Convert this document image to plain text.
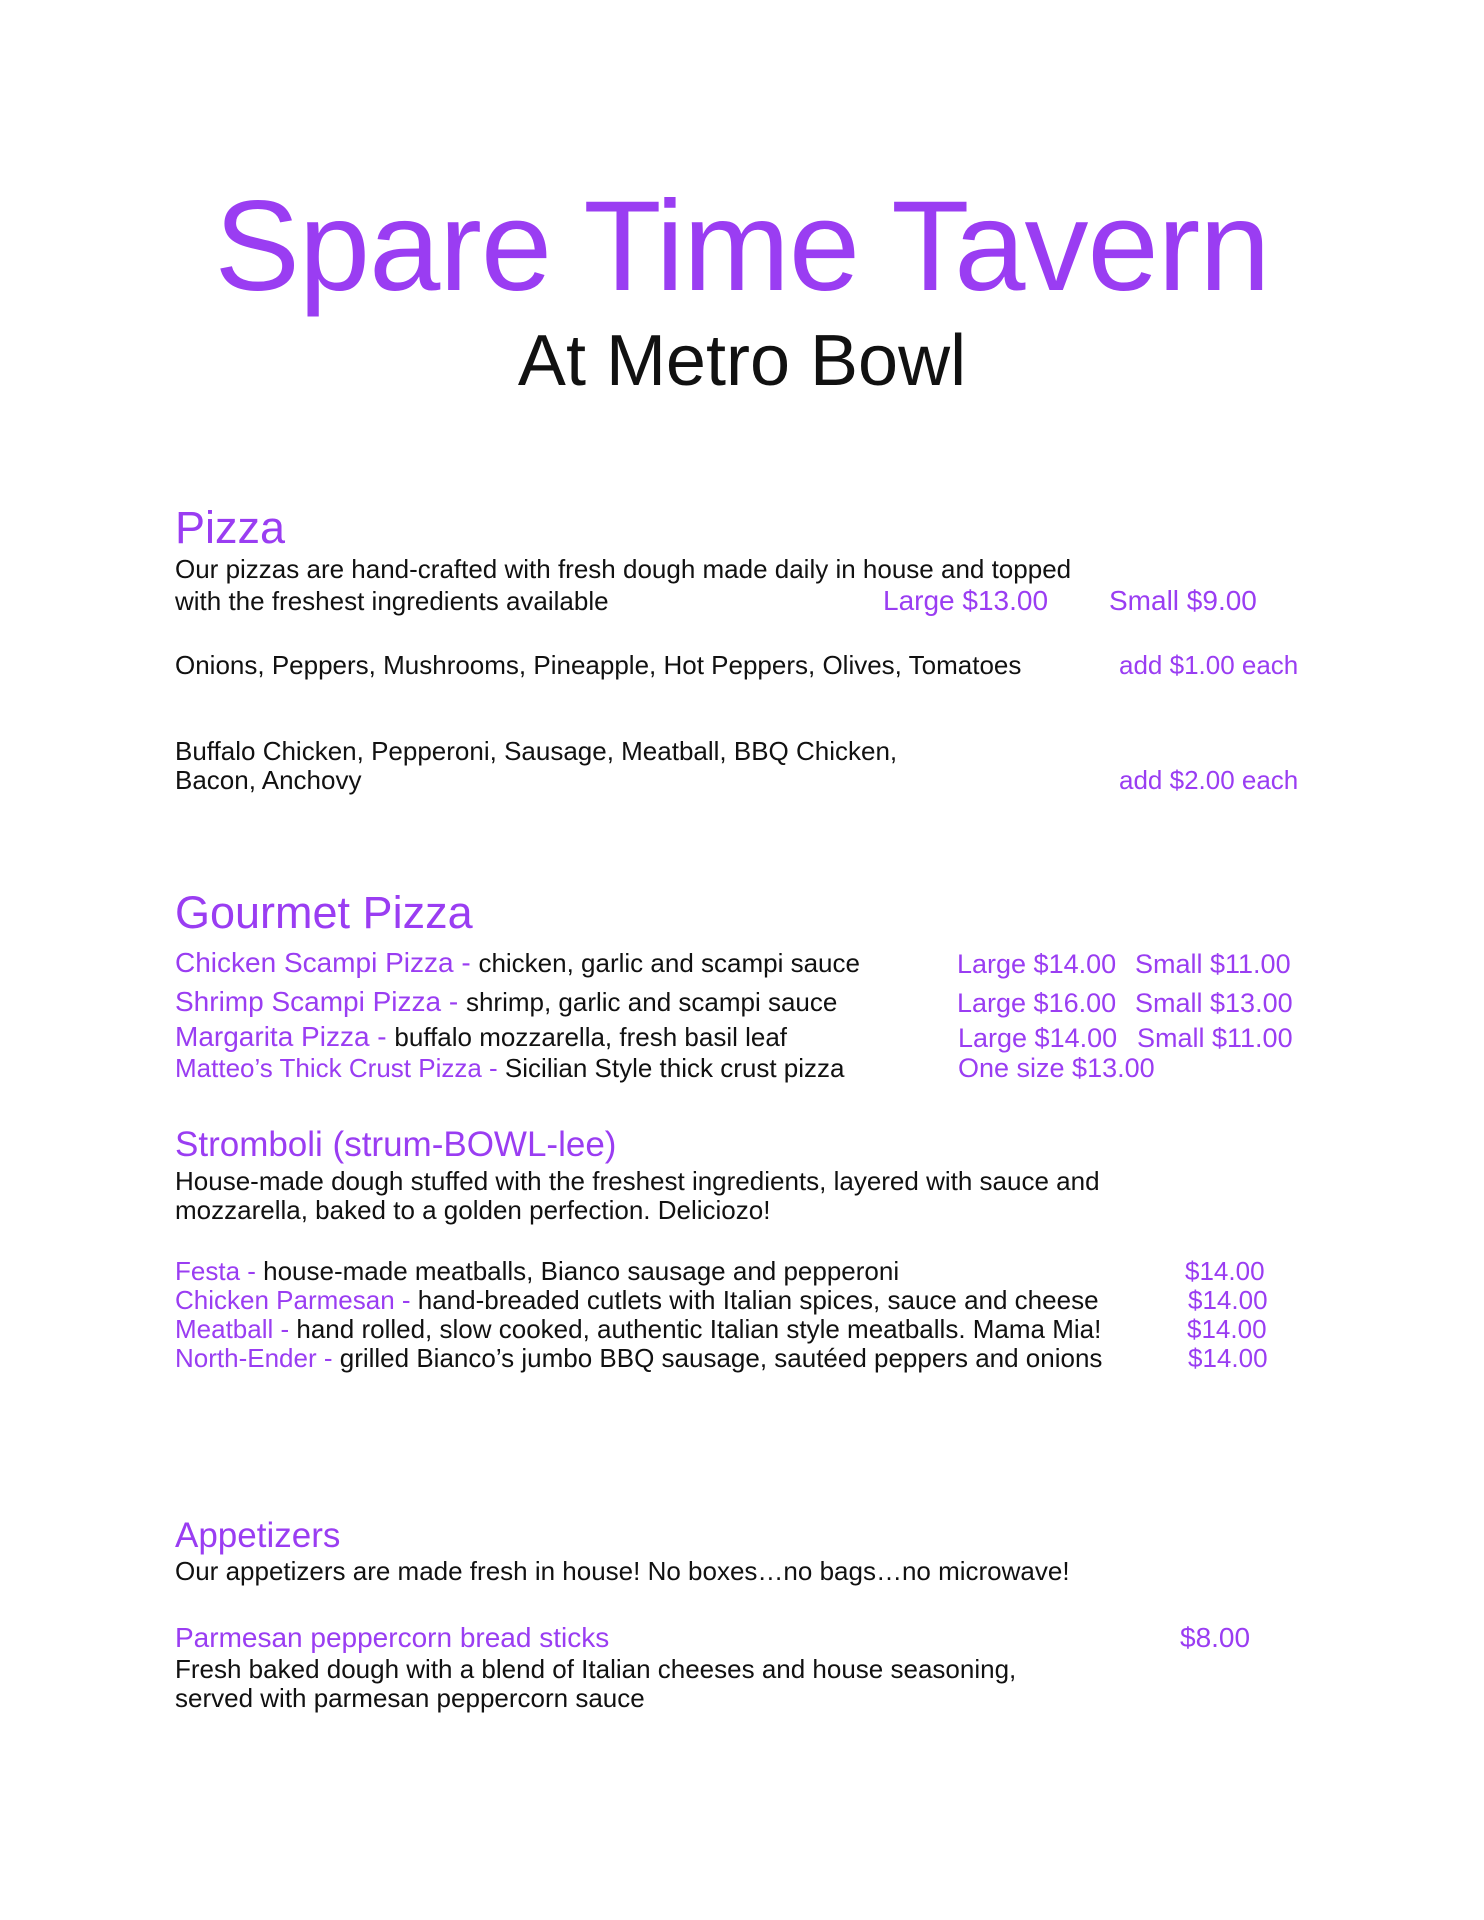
Spare Time Tavern
At Metro Bowl
Pizza
Our pizzas are hand-crafted with fresh dough made daily in house and topped
with the freshest ingredients available	Large $13.00 Small $9.00
Onions, Peppers, Mushrooms, Pineapple, Hot Peppers, Olives, Tomatoes	add $1.00 each
Buffalo Chicken, Pepperoni, Sausage, Meatball, BBQ Chicken,
Bacon, Anchovy	add $2.00 each
Gourmet Pizza
Chicken Scampi Pizza - chicken, garlic and scampi sauce	Large $14.00 Small $11.00
Shrimp Scampi Pizza - shrimp, garlic and scampi sauce	Large $16.00 Small $13.00
Margarita Pizza - buffalo mozzarella, fresh basil leaf	Large $14.00 Small $11.00
Matteo’s Thick Crust Pizza - Sicilian Style thick crust pizza	One size $13.00
Stromboli (strum-BOWL-lee)
House-made dough stuffed with the freshest ingredients, layered with sauce and
mozzarella, baked to a golden perfection. Deliciozo!
Festa - house-made meatballs, Bianco sausage and pepperoni	$14.00
Chicken Parmesan - hand-breaded cutlets with Italian spices, sauce and cheese	$14.00
Meatball - hand rolled, slow cooked, authentic Italian style meatballs. Mama Mia!	$14.00
North-Ender - grilled Bianco’s jumbo BBQ sausage, sautéed peppers and onions	$14.00
Appetizers
Our appetizers are made fresh in house! No boxes…no bags…no microwave!
Parmesan peppercorn bread sticks	$8.00
Fresh baked dough with a blend of Italian cheeses and house seasoning,
served with parmesan peppercorn sauce
